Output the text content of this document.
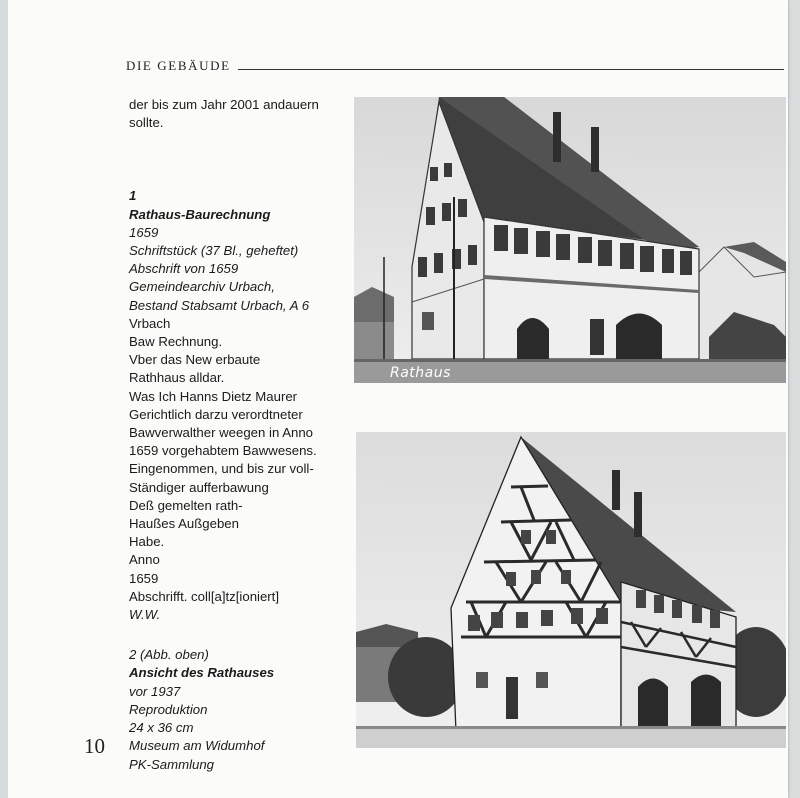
DIE GEBÄUDE
der bis zum Jahr 2001 andauern
sollte.
1
Rathaus-Baurechnung
1659
Schriftstück (37 Bl., geheftet)
Abschrift von 1659
Gemeindearchiv Urbach,
Bestand Stabsamt Urbach, A 6
Vrbach
Baw Rechnung.
Vber das New erbaute
Rathhaus alldar.
Was Ich Hanns Dietz Maurer
Gerichtlich darzu verordtneter
Bawverwalther weegen in Anno
1659 vorgehabtem Bawwesens.
Eingenommen, und bis zur voll-
Ständiger aufferbawung
Deß gemelten rath-
Haußes Außgeben
Habe.
Anno
1659
Abschrifft. coll[a]tz[ioniert]
W.W.
2 (Abb. oben)
Ansicht des Rathauses
vor 1937
Reproduktion
24 x 36 cm
Museum am Widumhof
PK-Sammlung
10
Rathaus
